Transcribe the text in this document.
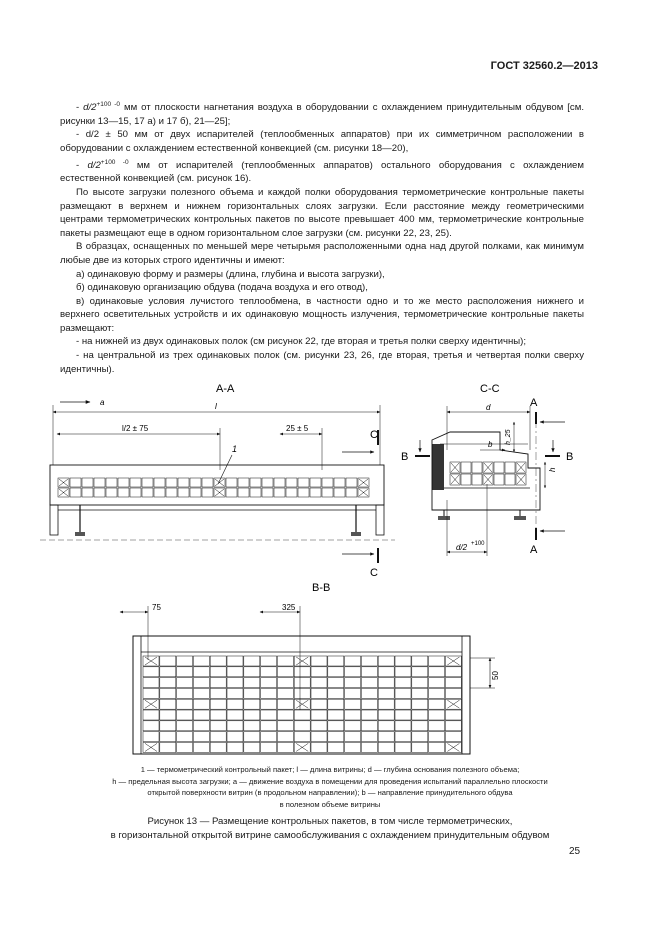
ГОСТ 32560.2—2013

- $d/2^{+100 -0}$ мм от плоскости нагнетания воздуха в оборудовании с охлаждением принудительным обдувом [см. рисунки 13—15, 17 а) и 17 б), 21—25];

- d/2 ± 50 мм от двух испарителей (теплообменных аппаратов) при их симметричном расположении в оборудовании с охлаждением естественной конвекцией (см. рисунки 18—20),

- $d/2^{+100 -0}$ мм от испарителей (теплообменных аппаратов) остального оборудования с охлаждением естественной конвекцией (см. рисунок 16).

По высоте загрузки полезного объема и каждой полки оборудования термометрические контрольные пакеты размещают в верхнем и нижнем горизонтальных слоях загрузки. Если расстояние между геометрическими центрами термометрических контрольных пакетов по высоте превышает 400 мм, термометрические контрольные пакеты размещают еще в одном горизонтальном слое загрузки (см. рисунки 22, 23, 25).

В образцах, оснащенных по меньшей мере четырьмя расположенными одна над другой полками, как минимум любые две из которых строго идентичны и имеют:

а) одинаковую форму и размеры (длина, глубина и высота загрузки),

б) одинаковую организацию обдува (подача воздуха и его отвод),

в) одинаковые условия лучистого теплообмена, в частности одно и то же место расположения нижнего и верхнего осветительных устройств и их одинаковую мощность излучения, термометрические контрольные пакеты размещают:

- на нижней из двух одинаковых полок (см рисунок 22, где вторая и третья полки сверху идентичны);

- на центральной из трех одинаковых полок (см. рисунки 23, 26, где вторая, третья и четвертая полки сверху идентичны).

А-А
a	l
l/2 ± 75	25 ± 5
C
C
1
С-С
d	A
A
B	B
b h_25
h
d/2 +100
В-В
75	325
50
1 — термометрический контрольный пакет; l — длина витрины; d — глубина основания полезного объема;
h — предельная высота загрузки; a — движение воздуха в помещении для проведения испытаний параллельно плоскости
открытой поверхности витрин (в продольном направлении); b — направление принудительного обдува
в полезном объеме витрины
Рисунок 13 — Размещение контрольных пакетов, в том числе термометрических,
в горизонтальной открытой витрине самообслуживания с охлаждением принудительным обдувом
25
